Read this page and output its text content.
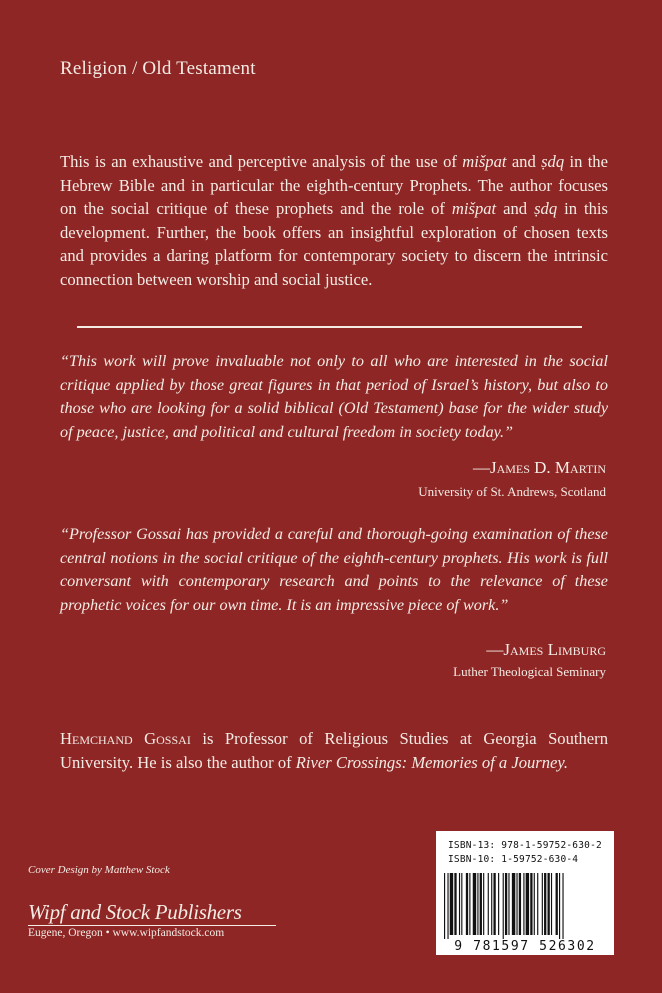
Religion / Old Testament
This is an exhaustive and perceptive analysis of the use of mišpat and ṣdq in the Hebrew Bible and in particular the eighth-century Prophets. The author focuses on the social critique of these prophets and the role of mišpat and ṣdq in this development. Further, the book offers an insightful exploration of chosen texts and provides a daring platform for contemporary society to discern the intrinsic connection between worship and social justice.
“This work will prove invaluable not only to all who are interested in the social critique applied by those great figures in that period of Israel’s history, but also to those who are looking for a solid biblical (Old Testament) base for the wider study of peace, justice, and political and cultural freedom in society today.”
—James D. Martin
University of St. Andrews, Scotland
“Professor Gossai has provided a careful and thorough-going examination of these central notions in the social critique of the eighth-century prophets. His work is full conversant with contemporary research and points to the relevance of these prophetic voices for our own time. It is an impressive piece of work.”
—James Limburg
Luther Theological Seminary
Hemchand Gossai is Professor of Religious Studies at Georgia Southern University. He is also the author of River Crossings: Memories of a Journey.
Cover Design by Matthew Stock
Wipf and Stock Publishers
Eugene, Oregon • www.wipfandstock.com
ISBN-13: 978-1-59752-630-2
ISBN-10: 1-59752-630-4
9 781597 526302
